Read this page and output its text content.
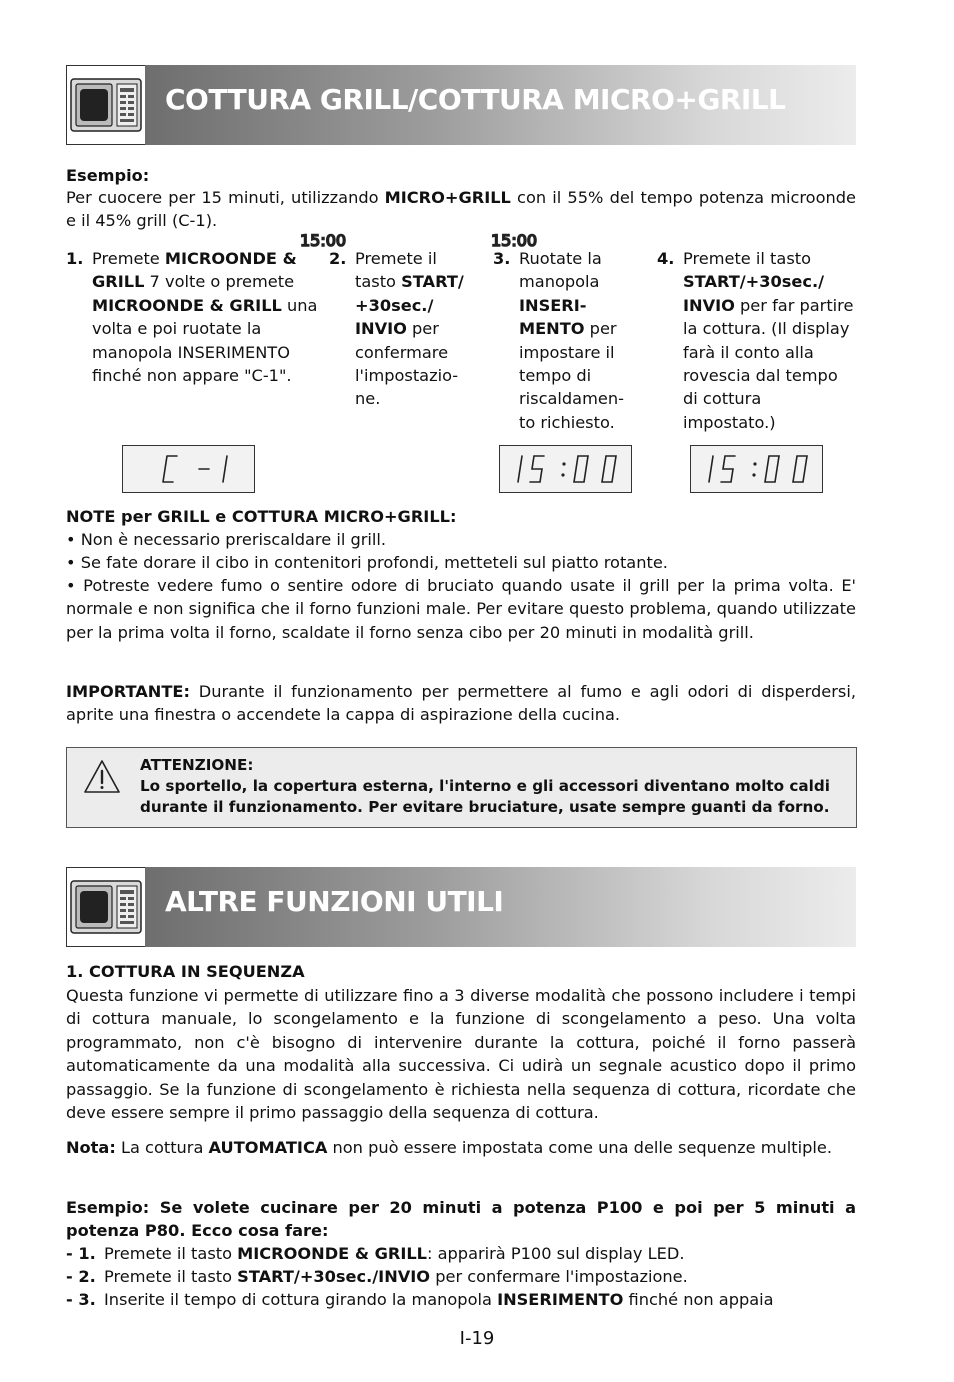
COTTURA GRILL/COTTURA MICRO+GRILL
Esempio:
Per cuocere per 15 minuti, utilizzando MICRO+GRILL con il 55% del tempo potenza microonde e il 45% grill (C-1).
1. Premete MICROONDE & GRILL 7 volte o premete MICROONDE & GRILL una volta e poi ruotate la manopola INSERIMENTO finché non appare "C-1".
2. Premete il tasto START/ +30sec./ INVIO per confermare l'impostazio-ne.
3. Ruotate la manopola INSERI-MENTO per impostare il tempo di riscaldamen-to richiesto.
4. Premete il tasto START/+30sec./ INVIO per far partire la cottura. (Il display farà il conto alla rovescia dal tempo di cottura impostato.)
15:00	15:00
NOTE per GRILL e COTTURA MICRO+GRILL:
• Non è necessario preriscaldare il grill.
• Se fate dorare il cibo in contenitori profondi, metteteli sul piatto rotante.
• Potreste vedere fumo o sentire odore di bruciato quando usate il grill per la prima volta. E' normale e non significa che il forno funzioni male. Per evitare questo problema, quando utilizzate per la prima volta il forno, scaldate il forno senza cibo per 20 minuti in modalità grill.
IMPORTANTE: Durante il funzionamento per permettere al fumo e agli odori di disperdersi, aprite una finestra o accendete la cappa di aspirazione della cucina.
ATTENZIONE:
Lo sportello, la copertura esterna, l'interno e gli accessori diventano molto caldi durante il funzionamento. Per evitare bruciature, usate sempre guanti da forno.
ALTRE FUNZIONI UTILI
1. COTTURA IN SEQUENZA
Questa funzione vi permette di utilizzare fino a 3 diverse modalità che possono includere i tempi di cottura manuale, lo scongelamento e la funzione di scongelamento a peso. Una volta programmato, non c'è bisogno di intervenire durante la cottura, poiché il forno passerà automaticamente da una modalità alla successiva. Ci udirà un segnale acustico dopo il primo passaggio. Se la funzione di scongelamento è richiesta nella sequenza di cottura, ricordate che deve essere sempre il primo passaggio della sequenza di cottura.
Nota: La cottura AUTOMATICA non può essere impostata come una delle sequenze multiple.
Esempio: Se volete cucinare per 20 minuti a potenza P100 e poi per 5 minuti a potenza P80. Ecco cosa fare:
- 1. Premete il tasto MICROONDE & GRILL: apparirà P100 sul display LED.
- 2. Premete il tasto START/+30sec./INVIO per confermare l'impostazione.
- 3. Inserite il tempo di cottura girando la manopola INSERIMENTO finché non appaia
I-19
